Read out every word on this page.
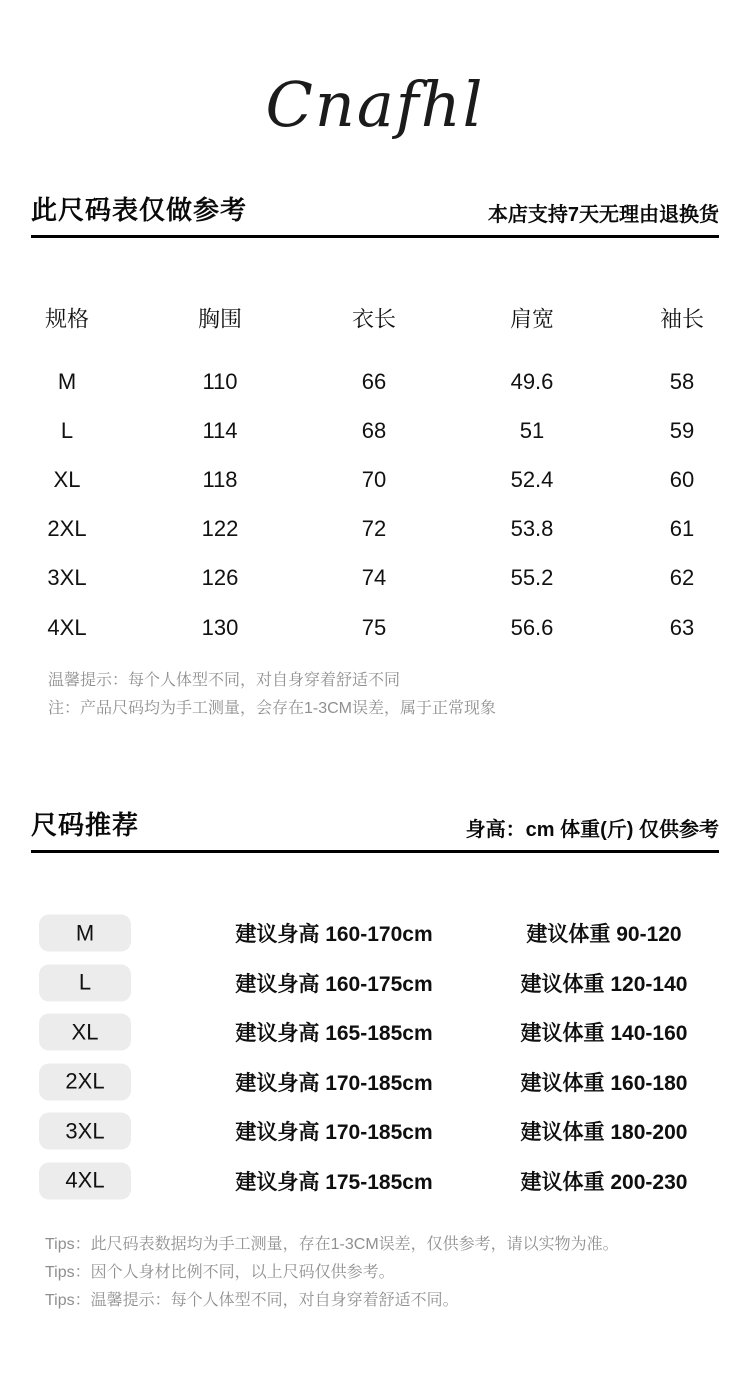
Cnafhl
此尺码表仅做参考	本店支持7天无理由退换货
规格	胸围	衣长	肩宽	袖长
M	110	66	49.6	58
L	114	68	51	59
XL	118	70	52.4	60
2XL	122	72	53.8	61
3XL	126	74	55.2	62
4XL	130	75	56.6	63
温馨提示：每个人体型不同，对自身穿着舒适不同
注：产品尺码均为手工测量，会存在1-3CM误差，属于正常现象
尺码推荐	身高：cm 体重(斤) 仅供参考
M	建议身高 160-170cm	建议体重 90-120
L	建议身高 160-175cm	建议体重 120-140
XL	建议身高 165-185cm	建议体重 140-160
2XL	建议身高 170-185cm	建议体重 160-180
3XL	建议身高 170-185cm	建议体重 180-200
4XL	建议身高 175-185cm	建议体重 200-230
Tips：此尺码表数据均为手工测量，存在1-3CM误差，仅供参考，请以实物为准。
Tips：因个人身材比例不同，以上尺码仅供参考。
Tips：温馨提示：每个人体型不同，对自身穿着舒适不同。
